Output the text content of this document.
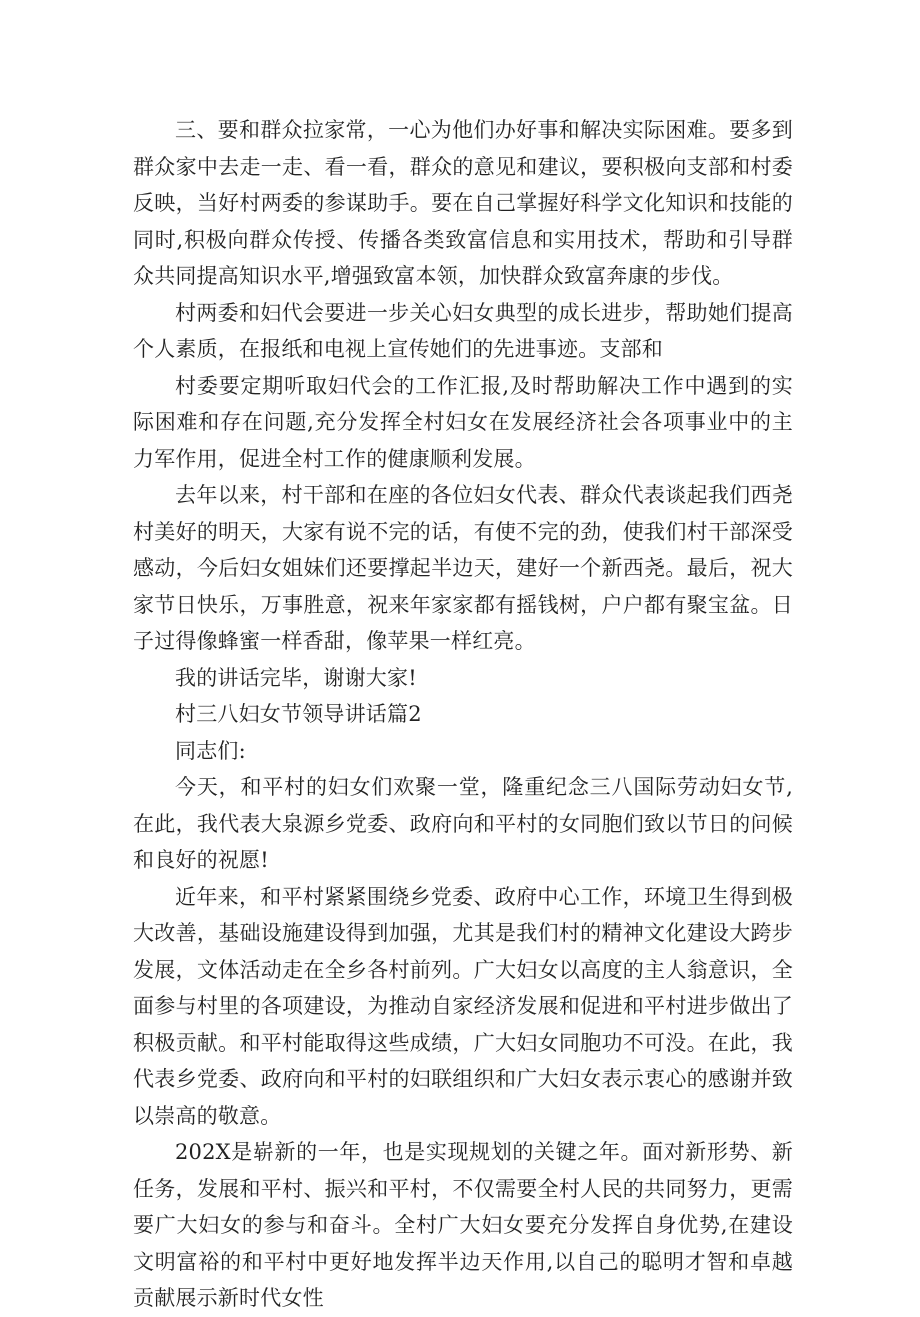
三、要和群众拉家常，一心为他们办好事和解决实际困难。要多到群众家中去走一走、看一看，群众的意见和建议，要积极向支部和村委反映，当好村两委的参谋助手。要在自己掌握好科学文化知识和技能的同时,积极向群众传授、传播各类致富信息和实用技术，帮助和引导群众共同提高知识水平,增强致富本领，加快群众致富奔康的步伐。

村两委和妇代会要进一步关心妇女典型的成长进步，帮助她们提高个人素质，在报纸和电视上宣传她们的先进事迹。支部和

村委要定期听取妇代会的工作汇报,及时帮助解决工作中遇到的实际困难和存在问题,充分发挥全村妇女在发展经济社会各项事业中的主力军作用，促进全村工作的健康顺利发展。

去年以来，村干部和在座的各位妇女代表、群众代表谈起我们西尧村美好的明天，大家有说不完的话，有使不完的劲，使我们村干部深受感动，今后妇女姐妹们还要撑起半边天，建好一个新西尧。最后，祝大家节日快乐，万事胜意，祝来年家家都有摇钱树，户户都有聚宝盆。日子过得像蜂蜜一样香甜，像苹果一样红亮。

我的讲话完毕，谢谢大家!

村三八妇女节领导讲话篇2

同志们:

今天，和平村的妇女们欢聚一堂，隆重纪念三八国际劳动妇女节,在此，我代表大泉源乡党委、政府向和平村的女同胞们致以节日的问候和良好的祝愿!

近年来，和平村紧紧围绕乡党委、政府中心工作，环境卫生得到极大改善，基础设施建设得到加强，尤其是我们村的精神文化建设大跨步发展，文体活动走在全乡各村前列。广大妇女以高度的主人翁意识，全面参与村里的各项建设，为推动自家经济发展和促进和平村进步做出了积极贡献。和平村能取得这些成绩，广大妇女同胞功不可没。在此，我代表乡党委、政府向和平村的妇联组织和广大妇女表示衷心的感谢并致以崇高的敬意。

202X是崭新的一年，也是实现规划的关键之年。面对新形势、新任务，发展和平村、振兴和平村，不仅需要全村人民的共同努力，更需要广大妇女的参与和奋斗。全村广大妇女要充分发挥自身优势,在建设文明富裕的和平村中更好地发挥半边天作用,以自己的聪明才智和卓越贡献展示新时代女性
